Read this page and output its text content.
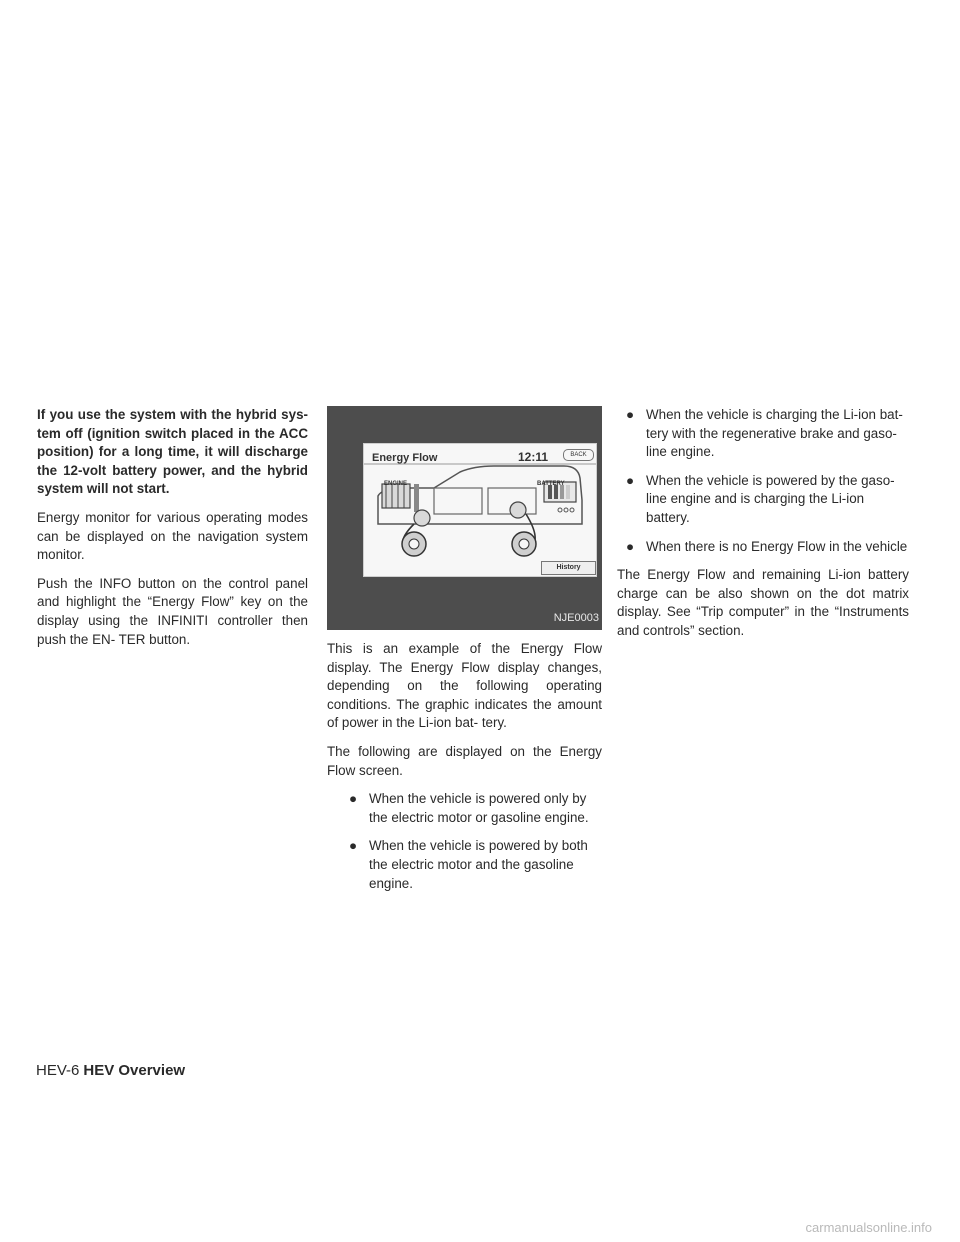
If you use the system with the hybrid sys- tem off (ignition switch placed in the ACC position) for a long time, it will discharge the 12-volt battery power, and the hybrid system will not start.

Energy monitor for various operating modes can be displayed on the navigation system monitor.

Push the INFO button on the control panel and highlight the “Energy Flow” key on the display using the INFINITI controller then push the EN- TER button.

Energy Flow	12:11	BACK
ENGINE	BATTERY
History
NJE0003

This is an example of the Energy Flow display. The Energy Flow display changes, depending on the following operating conditions. The graphic indicates the amount of power in the Li-ion bat- tery.

The following are displayed on the Energy Flow screen.

● When the vehicle is powered only by the electric motor or gasoline engine.
● When the vehicle is powered by both the electric motor and the gasoline engine.
● When the vehicle is charging the Li-ion bat- tery with the regenerative brake and gaso- line engine.
● When the vehicle is powered by the gaso- line engine and is charging the Li-ion battery.
● When there is no Energy Flow in the vehicle

The Energy Flow and remaining Li-ion battery charge can be also shown on the dot matrix display. See “Trip computer” in the “Instruments and controls” section.

HEV-6 HEV Overview
carmanualsonline.info
